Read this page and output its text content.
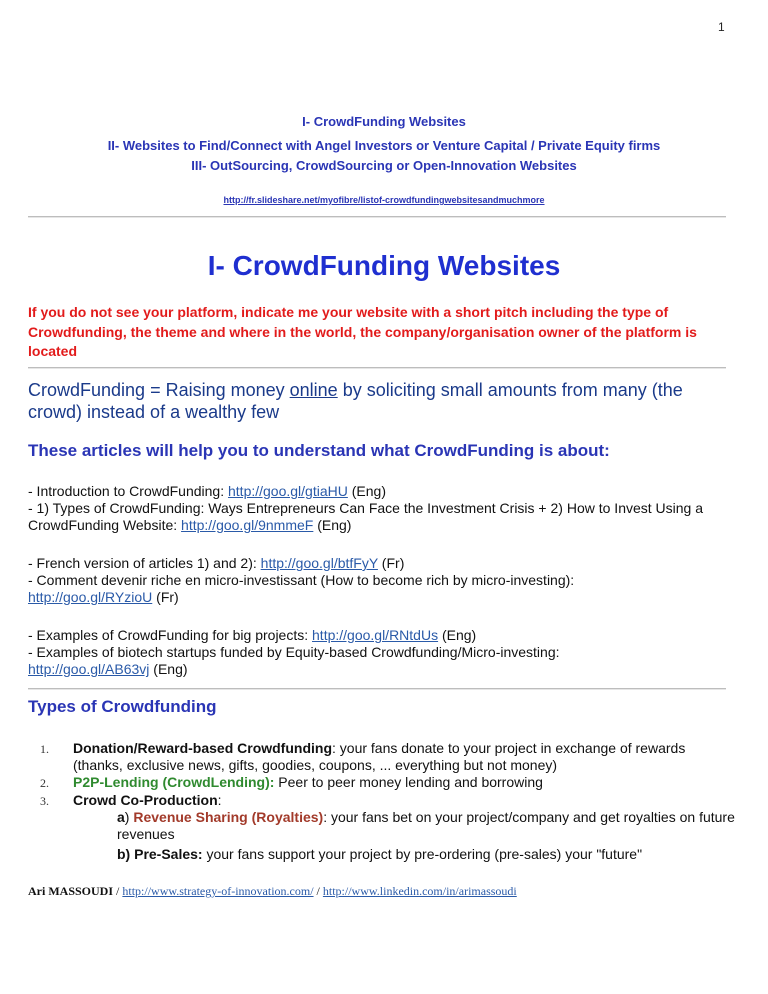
1
I- CrowdFunding Websites
II- Websites to Find/Connect with Angel Investors or Venture Capital / Private Equity firms
III- OutSourcing, CrowdSourcing or Open-Innovation Websites
http://fr.slideshare.net/myofibre/listof-crowdfundingwebsitesandmuchmore
I- CrowdFunding Websites
If you do not see your platform, indicate me your website with a short pitch including the type of Crowdfunding, the theme and where in the world, the company/organisation owner of the platform is located
CrowdFunding = Raising money online by soliciting small amounts from many (the crowd) instead of a wealthy few
These articles will help you to understand what CrowdFunding is about:
- Introduction to CrowdFunding: http://goo.gl/gtiaHU (Eng)
- 1) Types of CrowdFunding: Ways Entrepreneurs Can Face the Investment Crisis + 2) How to Invest Using a CrowdFunding Website: http://goo.gl/9nmmeF (Eng)
- French version of articles 1) and 2): http://goo.gl/btfFyY (Fr)
- Comment devenir riche en micro-investissant (How to become rich by micro-investing):
http://goo.gl/RYzioU (Fr)
- Examples of CrowdFunding for big projects: http://goo.gl/RNtdUs (Eng)
- Examples of biotech startups funded by Equity-based Crowdfunding/Micro-investing:
http://goo.gl/AB63vj (Eng)
Types of Crowdfunding
1. Donation/Reward-based Crowdfunding: your fans donate to your project in exchange of rewards (thanks, exclusive news, gifts, goodies, coupons, ... everything but not money)
2. P2P-Lending (CrowdLending): Peer to peer money lending and borrowing
3. Crowd Co-Production:
a) Revenue Sharing (Royalties): your fans bet on your project/company and get royalties on future revenues
b) Pre-Sales: your fans support your project by pre-ordering (pre-sales) your "future"
Ari MASSOUDI / http://www.strategy-of-innovation.com/ / http://www.linkedin.com/in/arimassoudi
